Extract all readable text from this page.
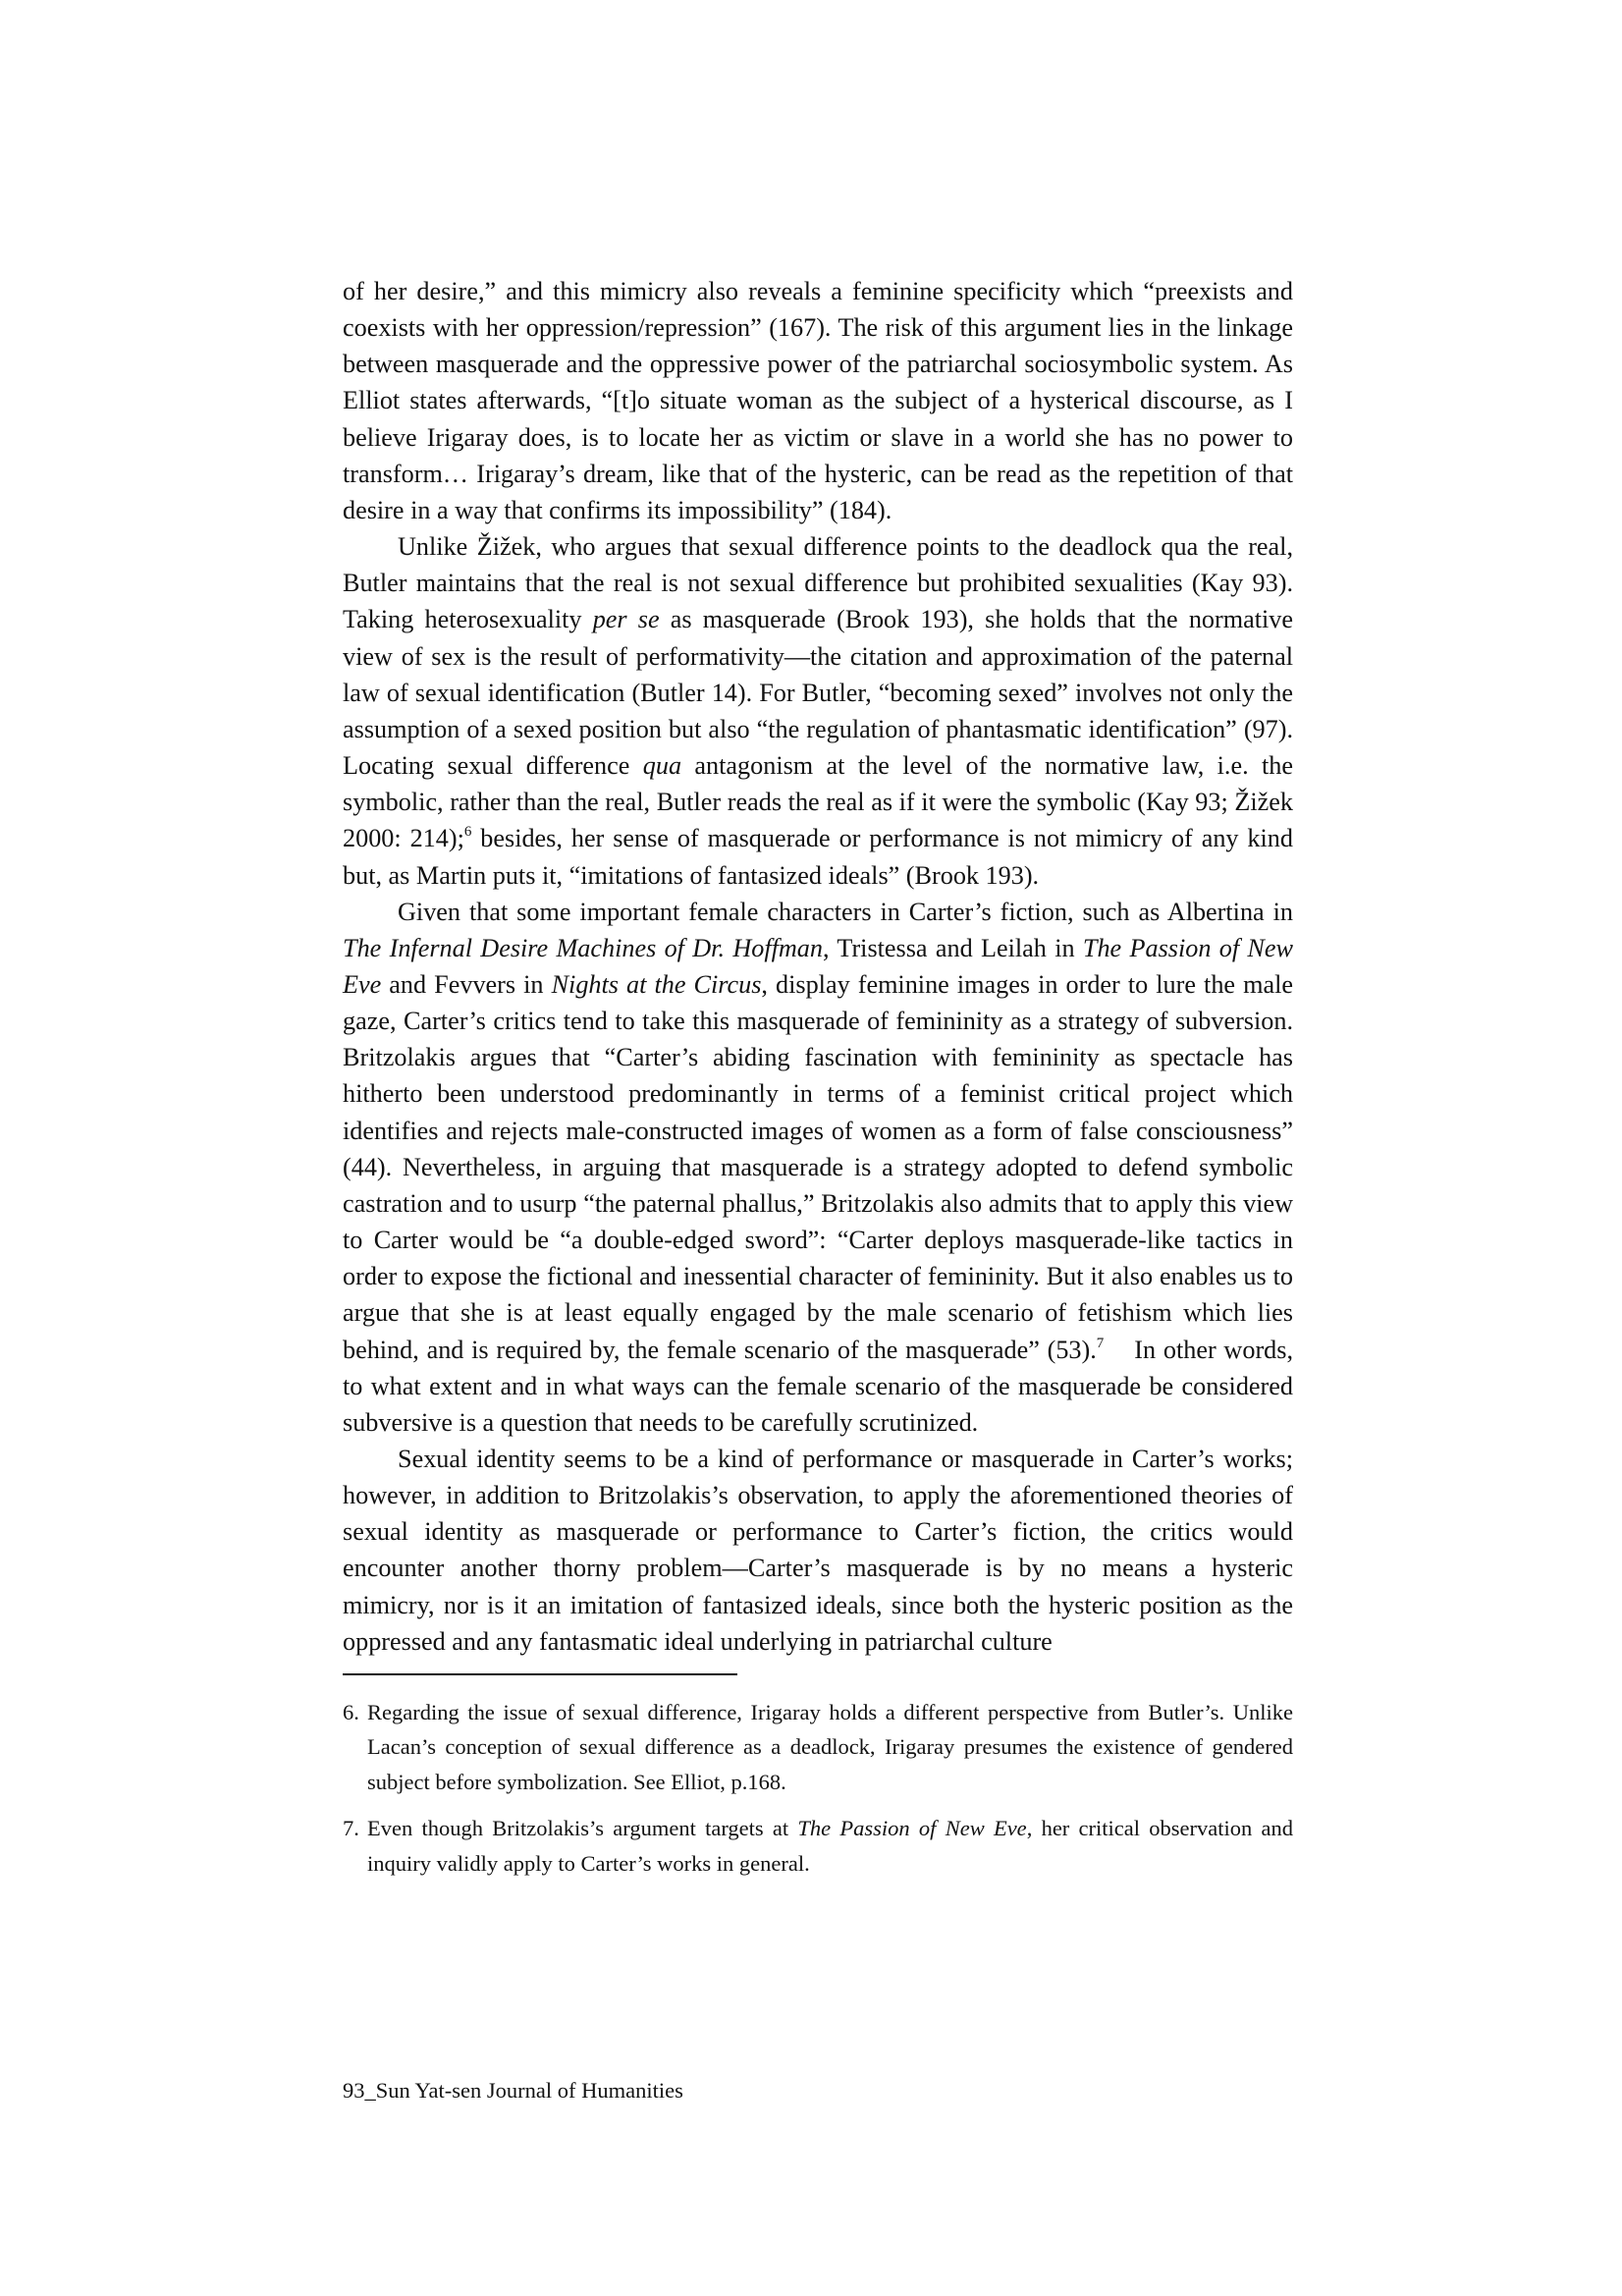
of her desire,” and this mimicry also reveals a feminine specificity which “preexists and coexists with her oppression/repression” (167). The risk of this argument lies in the linkage between masquerade and the oppressive power of the patriarchal sociosymbolic system. As Elliot states afterwards, “[t]o situate woman as the subject of a hysterical discourse, as I believe Irigaray does, is to locate her as victim or slave in a world she has no power to transform… Irigaray’s dream, like that of the hysteric, can be read as the repetition of that desire in a way that confirms its impossibility” (184).

Unlike Žižek, who argues that sexual difference points to the deadlock qua the real, Butler maintains that the real is not sexual difference but prohibited sexualities (Kay 93). Taking heterosexuality per se as masquerade (Brook 193), she holds that the normative view of sex is the result of performativity—the citation and approximation of the paternal law of sexual identification (Butler 14). For Butler, “becoming sexed” involves not only the assumption of a sexed position but also “the regulation of phantasmatic identification” (97). Locating sexual difference qua antagonism at the level of the normative law, i.e. the symbolic, rather than the real, Butler reads the real as if it were the symbolic (Kay 93; Žižek 2000: 214);$^6$ besides, her sense of masquerade or performance is not mimicry of any kind but, as Martin puts it, “imitations of fantasized ideals” (Brook 193).

Given that some important female characters in Carter’s fiction, such as Albertina in The Infernal Desire Machines of Dr. Hoffman, Tristessa and Leilah in The Passion of New Eve and Fevvers in Nights at the Circus, display feminine images in order to lure the male gaze, Carter’s critics tend to take this masquerade of femininity as a strategy of subversion. Britzolakis argues that “Carter’s abiding fascination with femininity as spectacle has hitherto been understood predominantly in terms of a feminist critical project which identifies and rejects male-constructed images of women as a form of false consciousness” (44). Nevertheless, in arguing that masquerade is a strategy adopted to defend symbolic castration and to usurp “the paternal phallus,” Britzolakis also admits that to apply this view to Carter would be “a double-edged sword”: “Carter deploys masquerade-like tactics in order to expose the fictional and inessential character of femininity. But it also enables us to argue that she is at least equally engaged by the male scenario of fetishism which lies behind, and is required by, the female scenario of the masquerade” (53).$^7$    In other words, to what extent and in what ways can the female scenario of the masquerade be considered subversive is a question that needs to be carefully scrutinized.

Sexual identity seems to be a kind of performance or masquerade in Carter’s works; however, in addition to Britzolakis’s observation, to apply the aforementioned theories of sexual identity as masquerade or performance to Carter’s fiction, the critics would encounter another thorny problem—Carter’s masquerade is by no means a hysteric mimicry, nor is it an imitation of fantasized ideals, since both the hysteric position as the oppressed and any fantasmatic ideal underlying in patriarchal culture

6. Regarding the issue of sexual difference, Irigaray holds a different perspective from Butler’s. Unlike Lacan’s conception of sexual difference as a deadlock, Irigaray presumes the existence of gendered subject before symbolization. See Elliot, p.168.
7. Even though Britzolakis’s argument targets at The Passion of New Eve, her critical observation and inquiry validly apply to Carter’s works in general.
93_Sun Yat-sen Journal of Humanities
